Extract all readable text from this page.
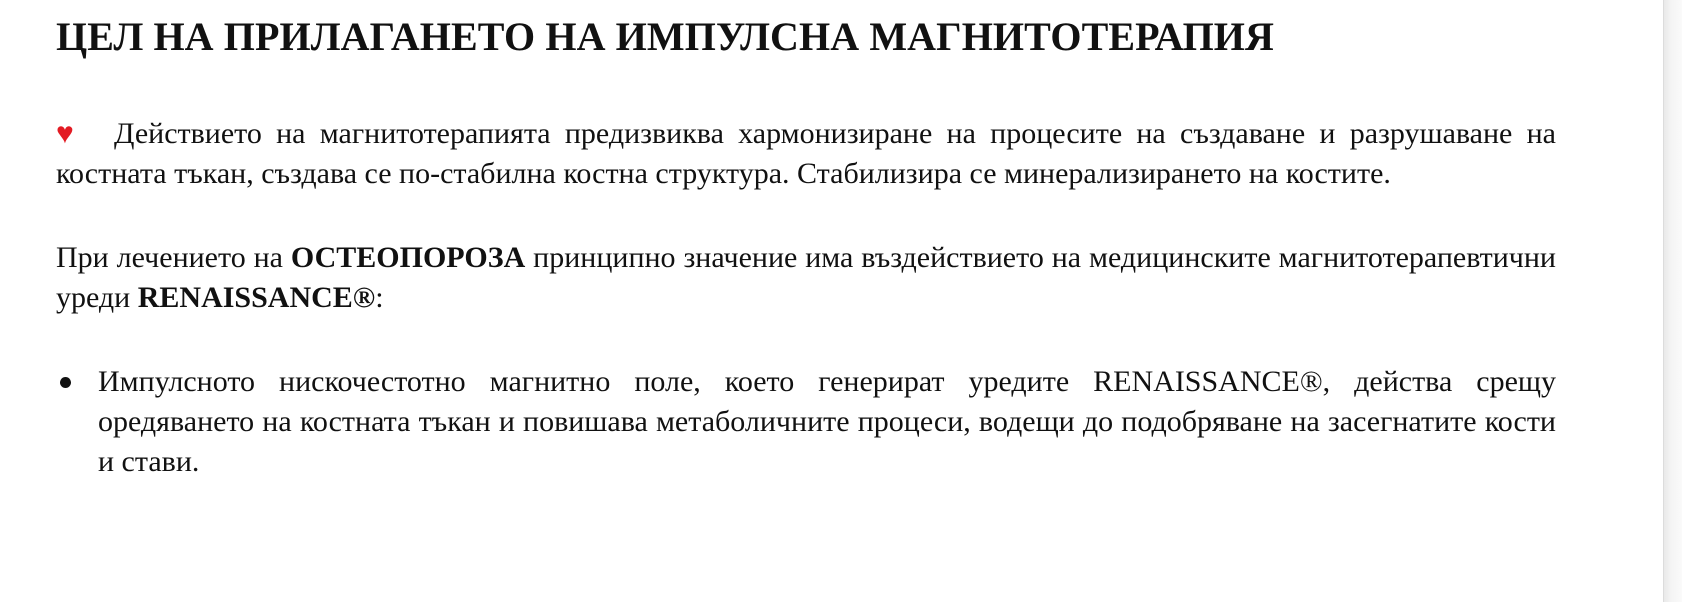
ЦЕЛ НА ПРИЛАГАНЕТО НА ИМПУЛСНА МАГНИТОТЕРАПИЯ

♥ Действието на магнитотерапията предизвиква хармонизиране на процесите на създаване и разрушаване на костната тъкан, създава се по-стабилна костна структура. Стабилизира се минерализирането на костите.

При лечението на ОСТЕОПОРОЗА принципно значение има въздействието на медицинските магнитотерапевтични уреди RENAISSANCE®:

Импулсното нискочестотно магнитно поле, което генерират уредите RENAISSANCE®, действа срещу оредяването на костната тъкан и повишава метаболичните процеси, водещи до подобряване на засегнатите кости и стави.
